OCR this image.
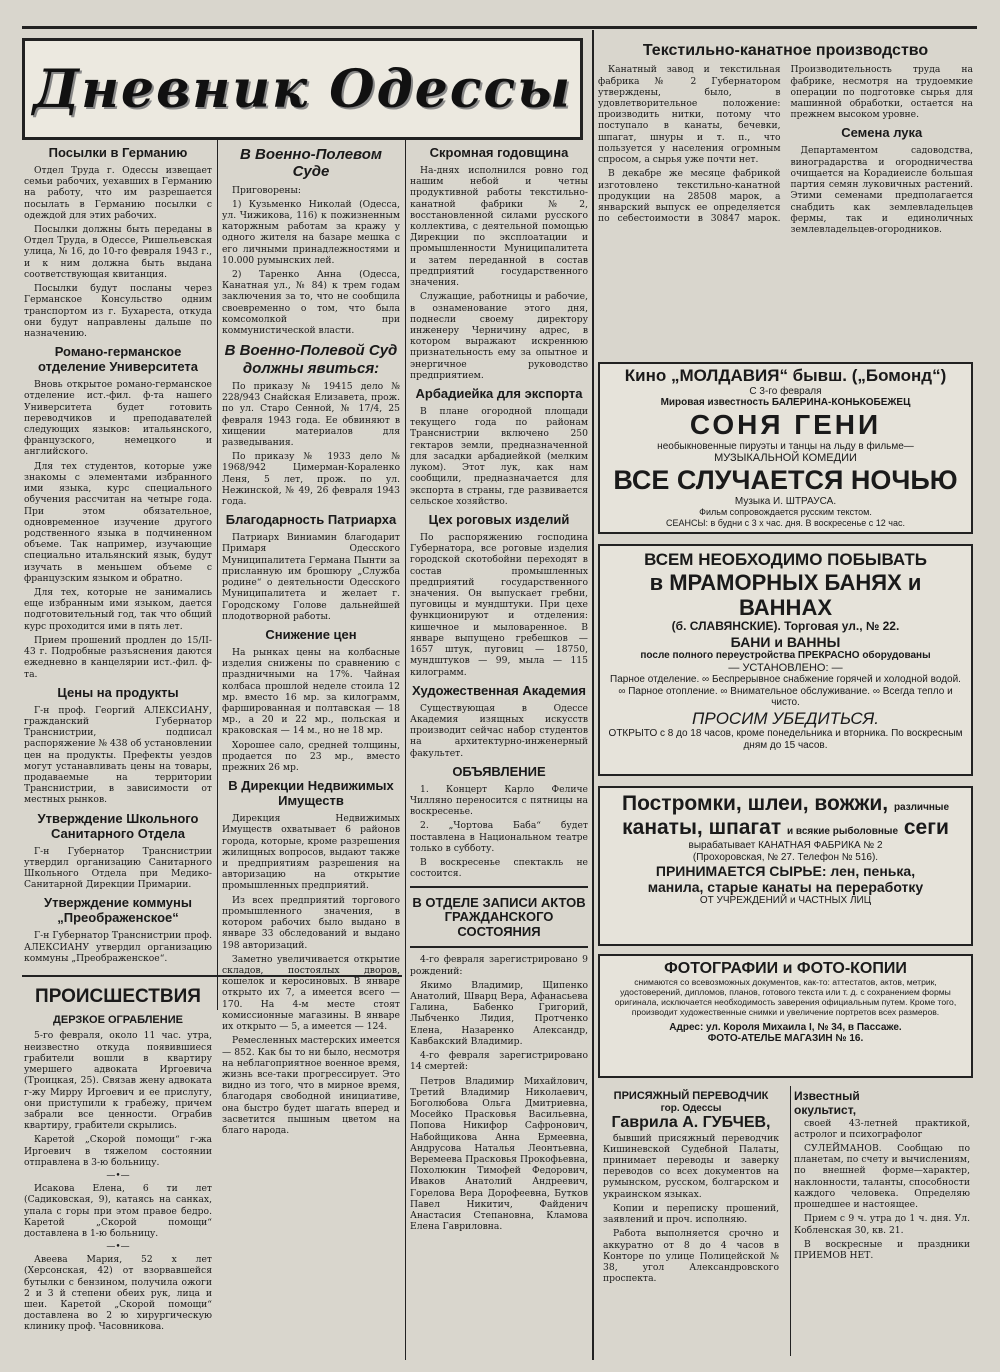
Дневник Одессы
Посылки в Германию

Отдел Труда г. Одессы извещает семьи рабочих, уехавших в Германию на работу, что им разрешается посылать в Германию посылки с одеждой для этих рабочих.

Посылки должны быть переданы в Отдел Труда, в Одессе, Ришельевская улица, № 16, до 10-го февраля 1943 г., и к ним должна быть выдана соответствующая квитанция.

Посылки будут посланы через Германское Консульство одним транспортом из г. Бухареста, откуда они будут направлены дальше по назначению.

Романо-германское отделение Университета

Вновь открытое романо-германское отделение ист.-фил. ф-та нашего Университета будет готовить переводчиков и преподавателей следующих языков: итальянского, французского, немецкого и английского.

Для тех студентов, которые уже знакомы с элементами избранного ими языка, курс специального обучения рассчитан на четыре года. При этом обязательное, одновременное изучение другого родственного языка в подчиненном объеме. Так например, изучающие специально итальянский язык, будут изучать в меньшем объеме с французским языком и обратно.

Для тех, которые не занимались еще избранным ими языком, дается подготовительный год, так что общий курс проходится ими в пять лет.

Прием прошений продлен до 15/II-43 г. Подробные разъяснения даются ежедневно в канцелярии ист.-фил. ф-та.

Цены на продукты

Г-н проф. Георгий АЛЕКСИАНУ, гражданский Губернатор Транснистрии, подписал распоряжение № 438 об установлении цен на продукты. Префекты уездов могут устанавливать цены на товары, продаваемые на территории Транснистрии, в зависимости от местных рынков.

Утверждение Школьного Санитарного Отдела

Г-н Губернатор Транснистрии утвердил организацию Санитарного Школьного Отдела при Медико-Санитарной Дирекции Примарии.

Утверждение коммуны „Преображенское“

Г-н Губернатор Транснистрии проф. АЛЕКСИАНУ утвердил организацию коммуны „Преображенское“.

ПРОИСШЕСТВИЯ
ДЕРЗКОЕ ОГРАБЛЕНИЕ

5-го февраля, около 11 час. утра, неизвестно откуда появившиеся грабители вошли в квартиру умершего адвоката Иргоевича (Троицкая, 25). Связав жену адвоката г-жу Мирру Иргоевич и ее прислугу, они приступили к грабежу, причем забрали все ценности. Ограбив квартиру, грабители скрылись.

Каретой „Скорой помощи“ г-жа Иргоевич в тяжелом состоянии отправлена в 3-ю больницу.

—•—

Исакова Елена, 6 ти лет (Садиковская, 9), катаясь на санках, упала с горы при этом правое бедро. Каретой „Скорой помощи“ доставлена в 1-ю больницу.

—•—

Авеева Мария, 52 х лет (Херсонская, 42) от взорвавшейся бутылки с бензином, получила ожоги 2 и 3 й степени обеих рук, лица и шеи. Каретой „Скорой помощи“ доставлена во 2 ю хирургическую клинику проф. Часовникова.

В Военно-Полевом Суде

Приговорены:

1) Кузьменко Николай (Одесса, ул. Чижикова, 116) к пожизненным каторжным работам за кражу у одного жителя на базаре мешка с его личными принадлежностями и 10.000 румынских лей.

2) Таренко Анна (Одесса, Канатная ул., № 84) к трем годам заключения за то, что не сообщила своевременно о том, что была комсомолкой при коммунистической власти.

В Военно-Полевой Суд должны явиться:

По приказу № 19415 дело № 228/943 Снайская Елизавета, прож. по ул. Старо Сенной, № 17/4, 25 февраля 1943 года. Ее обвиняют в хищении материалов для разведывания.

По приказу № 1933 дело № 1968/942 Цимерман-Кораленко Леня, 5 лет, прож. по ул. Нежинской, № 49, 26 февраля 1943 года.

Благодарность Патриарха

Патриарх Виниамин благодарит Примаря Одесского Муниципалитета Германа Пынти за присланную им брошюру „Служба родине“ о деятельности Одесского Муниципалитета и желает г. Городскому Голове дальнейшей плодотворной работы.

Снижение цен

На рынках цены на колбасные изделия снижены по сравнению с праздничными на 17%. Чайная колбаса прошлой неделе стоила 12 мр. вместо 16 мр. за килограмм, фаршированная и полтавская — 18 мр., а 20 и 22 мр., польская и краковская — 14 м., но не 18 мр.

Хорошее сало, средней толщины, продается по 23 мр., вместо прежних 26 мр.

В Дирекции Недвижимых Имуществ

Дирекция Недвижимых Имуществ охватывает 6 районов города, которые, кроме разрешения жилищных вопросов, выдают также и предприятиям разрешения на авторизацию на открытие промышленных предприятий.

Из всех предприятий торгового промышленного значения, в котором рабочих было выдано в январе 33 обследований и выдано 198 авторизаций.

Заметно увеличивается открытие складов, постоялых дворов, кошелок и керосиновых. В январе открыто их 7, а имеется всего — 170. На 4-м месте стоят комиссионные магазины. В январе их открыто — 5, а имеется — 124.

Ремесленных мастерских имеется — 852. Как бы то ни было, несмотря на неблагоприятное военное время, жизнь все-таки прогрессирует. Это видно из того, что в мирное время, благодаря свободной инициативе, она быстро будет шагать вперед и засветится пышным цветом на благо народа.

Скромная годовщина

На-днях исполнился ровно год нашим небой и четны продуктивной работы текстильно-канатной фабрики №2, восстановленной силами русского коллектива, с деятельной помощью Дирекции по эксплоатации и промышленности Муниципалитета и затем переданной в состав предприятий государственного значения.

Служащие, работницы и рабочие, в ознаменование этого дня, поднесли своему директору инженеру Черничину адрес, в котором выражают искреннюю признательность ему за опытное и энергичное руководство предприятием.

Арбадиейка для экспорта

В плане огородной площади текущего года по районам Транснистрии включено 250 гектаров земли, предназначенной для засадки арбадиейкой (мелким луком). Этот лук, как нам сообщили, предназначается для экспорта в страны, где развивается сельское хозяйство.

Цех роговых изделий

По распоряжению господина Губернатора, все роговые изделия городской скотобойни переходят в состав промышленных предприятий государственного значения. Он выпускает гребни, пуговицы и мундштуки. При цехе функционируют и отделения: кишечное и мыловаренное. В январе выпущено гребешков — 1657 штук, пуговиц — 18750, мундштуков — 99, мыла — 115 килограмм.

Художественная Академия

Существующая в Одессе Академия изящных искусств производит сейчас набор студентов на архитектурно-инженерный факультет.

ОБЪЯВЛЕНИЕ

1. Концерт Карло Феличе Чилляно переносится с пятницы на воскресенье.

2. „Чортова Баба“ будет поставлена в Национальном театре только в субботу.

В воскресенье спектакль не состоится.

В ОТДЕЛЕ ЗАПИСИ АКТОВ ГРАЖДАНСКОГО СОСТОЯНИЯ

4-го февраля зарегистрировано 9 рождений:

Якимо Владимир, Щипенко Анатолий, Шварц Вера, Афанасьева Галина, Бабенко Григорий, Лыбченко Лидия, Протченко Елена, Назаренко Александр, Кавбакский Владимир.

4-го февраля зарегистрировано 14 смертей:

Петров Владимир Михайлович, Третий Владимир Николаевич, Боголюбова Ольга Дмитриевна, Мосейко Прасковья Васильевна, Попова Никифор Сафронович, Набойщикова Анна Ермеевна, Андрусова Наталья Леонтьевна, Веремеева Прасковья Прокофьевна, Похолюкин Тимофей Федорович, Иваков Анатолий Андреевич, Горелова Вера Дорофеевна, Бутков Павел Никитич, Файденич Анастасия Степановна, Кламова Елена Гавриловна.

Текстильно-канатное производство

Канатный завод и текстильная фабрика № 2 Губернатором утверждены, было, в удовлетворительное положение: производить нитки, потому что поступало в канаты, бечевки, шпагат, шнуры и т. п., что пользуется у населения огромным спросом, а сырья уже почти нет.

В декабре же месяце фабрикой изготовлено текстильно-канатной продукции на 28508 марок, а январский выпуск ее определяется по себестоимости в 30847 марок. Производительность труда на фабрике, несмотря на трудоемкие операции по подготовке сырья для машинной обработки, остается на прежнем высоком уровне.

Семена лука

Департаментом садоводства, виноградарства и огородничества очищается на Корадиеисле большая партия семян луковичных растений. Этими семенами предполагается снабдить как землевладельцев фермы, так и единоличных землевладельцев-огородников.

Кино „МОЛДАВИЯ“ бывш. („Бомонд“)
С 3-го февраля
Мировая известность БАЛЕРИНА-КОНЬКОБЕЖЕЦ
СОНЯ ГЕНИ
необыкновенные пируэты и танцы на льду в фильме—
МУЗЫКАЛЬНОЙ КОМЕДИИ
ВСЕ СЛУЧАЕТСЯ НОЧЬЮ
Музыка И. ШТРАУСА.
Фильм сопровождается русским текстом.
СЕАНСЫ: в будни с 3 х час. дня. В воскресенье с 12 час.
ВСЕМ НЕОБХОДИМО ПОБЫВАТЬ
в МРАМОРНЫХ БАНЯХ и ВАННАХ
(б. СЛАВЯНСКИЕ). Торговая ул., № 22.
БАНИ и ВАННЫ
после полного переустройства ПРЕКРАСНО оборудованы
— УСТАНОВЛЕНО: —
Парное отделение. ∞ Беспрерывное снабжение горячей и холодной водой. ∞ Парное отопление. ∞ Внимательное обслуживание. ∞ Всегда тепло и чисто.
ПРОСИМ УБЕДИТЬСЯ.
ОТКРЫТО с 8 до 18 часов, кроме понедельника и вторника. По воскресным дням до 15 часов.
Постромки, шлеи, вожжи, различные
канаты, шпагат и всякие рыболовные сеги
вырабатывает КАНАТНАЯ ФАБРИКА № 2
(Прохоровская, № 27. Телефон № 516).
ПРИНИМАЕТСЯ СЫРЬЕ: лен, пенька,
манила, старые канаты на переработку
ОТ УЧРЕЖДЕНИЙ и ЧАСТНЫХ ЛИЦ
ФОТОГРАФИИ и ФОТО-КОПИИ
снимаются со всевозможных документов, как-то: аттестатов, актов, метрик, удостоверений, дипломов, планов, готового текста или т. д. с сохранением формы оригинала, исключается необходимость заверения официальным путем. Кроме того, производит художественные снимки и увеличение портретов всех размеров.
Адрес: ул. Короля Михаила I, № 34, в Пассаже.
ФОТО-АТЕЛЬЕ МАГАЗИН № 16.
ПРИСЯЖНЫЙ ПЕРЕВОДЧИК
гор. Одессы
Гаврила А. ГУБЧЕВ,

бывший присяжный переводчик Кишиневской Судебной Палаты, принимает переводы и заверку переводов со всех документов на румынском, русском, болгарском и украинском языках.

Копии и переписку прошений, заявлений и проч. исполняю.

Работа выполняется срочно и аккуратно от 8 до 4 часов в Конторе по улице Полицейской № 38, угол Александровского проспекта.

Известный
окультист,

своей 43-летней практикой, астролог и психографолог

СУЛЕЙМАНОВ. Сообщаю по планетам, по счету и вычислениям, по внешней форме—характер, наклонности, таланты, способности каждого человека. Определяю прошедшее и настоящее.

Прием с 9 ч. утра до 1 ч. дня. Ул. Кобленская 30, кв. 21.

В воскресные и праздники ПРИЕМОВ НЕТ.
